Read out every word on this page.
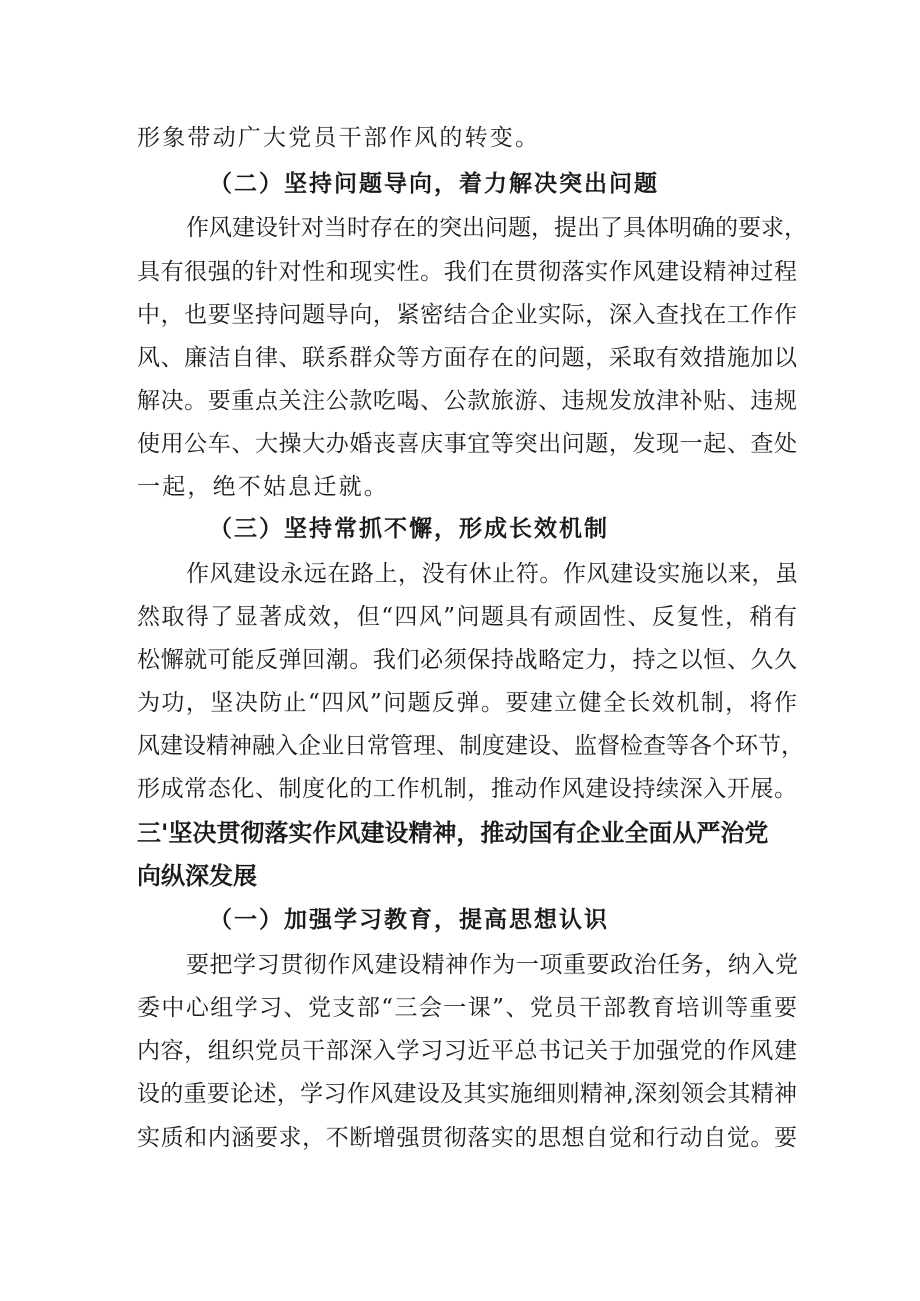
形象带动广大党员干部作风的转变。
（二）坚持问题导向，着力解决突出问题
作风建设针对当时存在的突出问题，提出了具体明确的要求，
具有很强的针对性和现实性。我们在贯彻落实作风建设精神过程
中，也要坚持问题导向，紧密结合企业实际，深入查找在工作作
风、廉洁自律、联系群众等方面存在的问题，采取有效措施加以
解决。要重点关注公款吃喝、公款旅游、违规发放津补贴、违规
使用公车、大操大办婚丧喜庆事宜等突出问题，发现一起、查处
一起，绝不姑息迁就。
（三）坚持常抓不懈，形成长效机制
作风建设永远在路上，没有休止符。作风建设实施以来，虽
然取得了显著成效，但“四风”问题具有顽固性、反复性，稍有
松懈就可能反弹回潮。我们必须保持战略定力，持之以恒、久久
为功，坚决防止“四风”问题反弹。要建立健全长效机制，将作
风建设精神融入企业日常管理、制度建设、监督检查等各个环节，
形成常态化、制度化的工作机制，推动作风建设持续深入开展。
三'坚决贯彻落实作风建设精神，推动国有企业全面从严治党
向纵深发展
（一）加强学习教育，提高思想认识
要把学习贯彻作风建设精神作为一项重要政治任务，纳入党
委中心组学习、党支部“三会一课”、党员干部教育培训等重要
内容，组织党员干部深入学习习近平总书记关于加强党的作风建
设的重要论述，学习作风建设及其实施细则精神,深刻领会其精神
实质和内涵要求，不断增强贯彻落实的思想自觉和行动自觉。要
